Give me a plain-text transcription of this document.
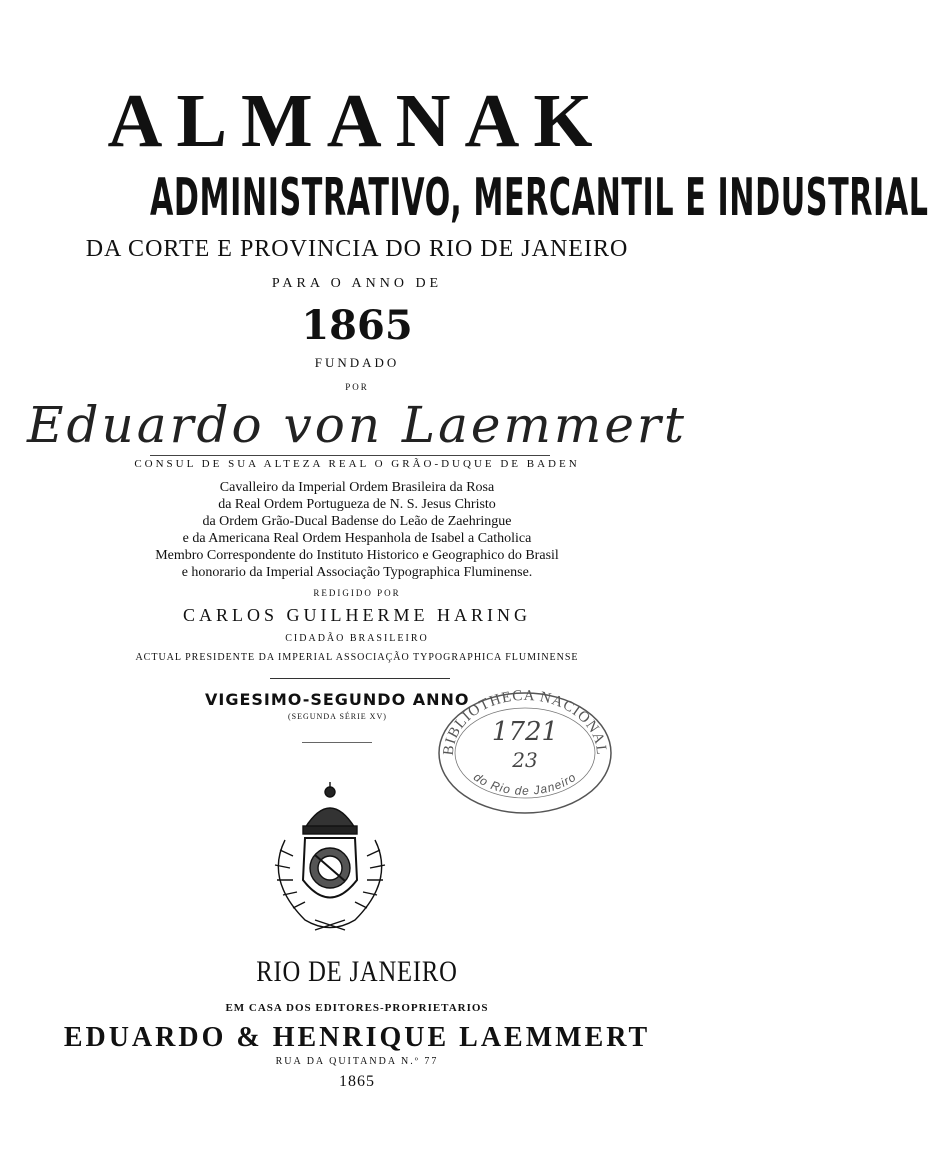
ALMANAK
ADMINISTRATIVO, MERCANTIL E INDUSTRIAL
DA CORTE E PROVINCIA DO RIO DE JANEIRO
PARA O ANNO DE
1865
FUNDADO
POR
Eduardo von Laemmert
CONSUL DE SUA ALTEZA REAL O GRÃO-DUQUE DE BADEN
Cavalleiro da Imperial Ordem Brasileira da Rosa
da Real Ordem Portugueza de N. S. Jesus Christo
da Ordem Grão-Ducal Badense do Leão de Zaehringue
e da Americana Real Ordem Hespanhola de Isabel a Catholica
Membro Correspondente do Instituto Historico e Geographico do Brasil
e honorario da Imperial Associação Typographica Fluminense.
REDIGIDO POR
CARLOS GUILHERME HARING
CIDADÃO BRASILEIRO
ACTUAL PRESIDENTE DA IMPERIAL ASSOCIAÇÃO TYPOGRAPHICA FLUMINENSE
VIGESIMO-SEGUNDO ANNO
(SEGUNDA SÉRIE XV)
BIBLIOTHECA NACIONAL
do Rio de Janeiro
1721
23
RIO DE JANEIRO
EM CASA DOS EDITORES-PROPRIETARIOS
EDUARDO & HENRIQUE LAEMMERT
RUA DA QUITANDA N.º 77
1865
